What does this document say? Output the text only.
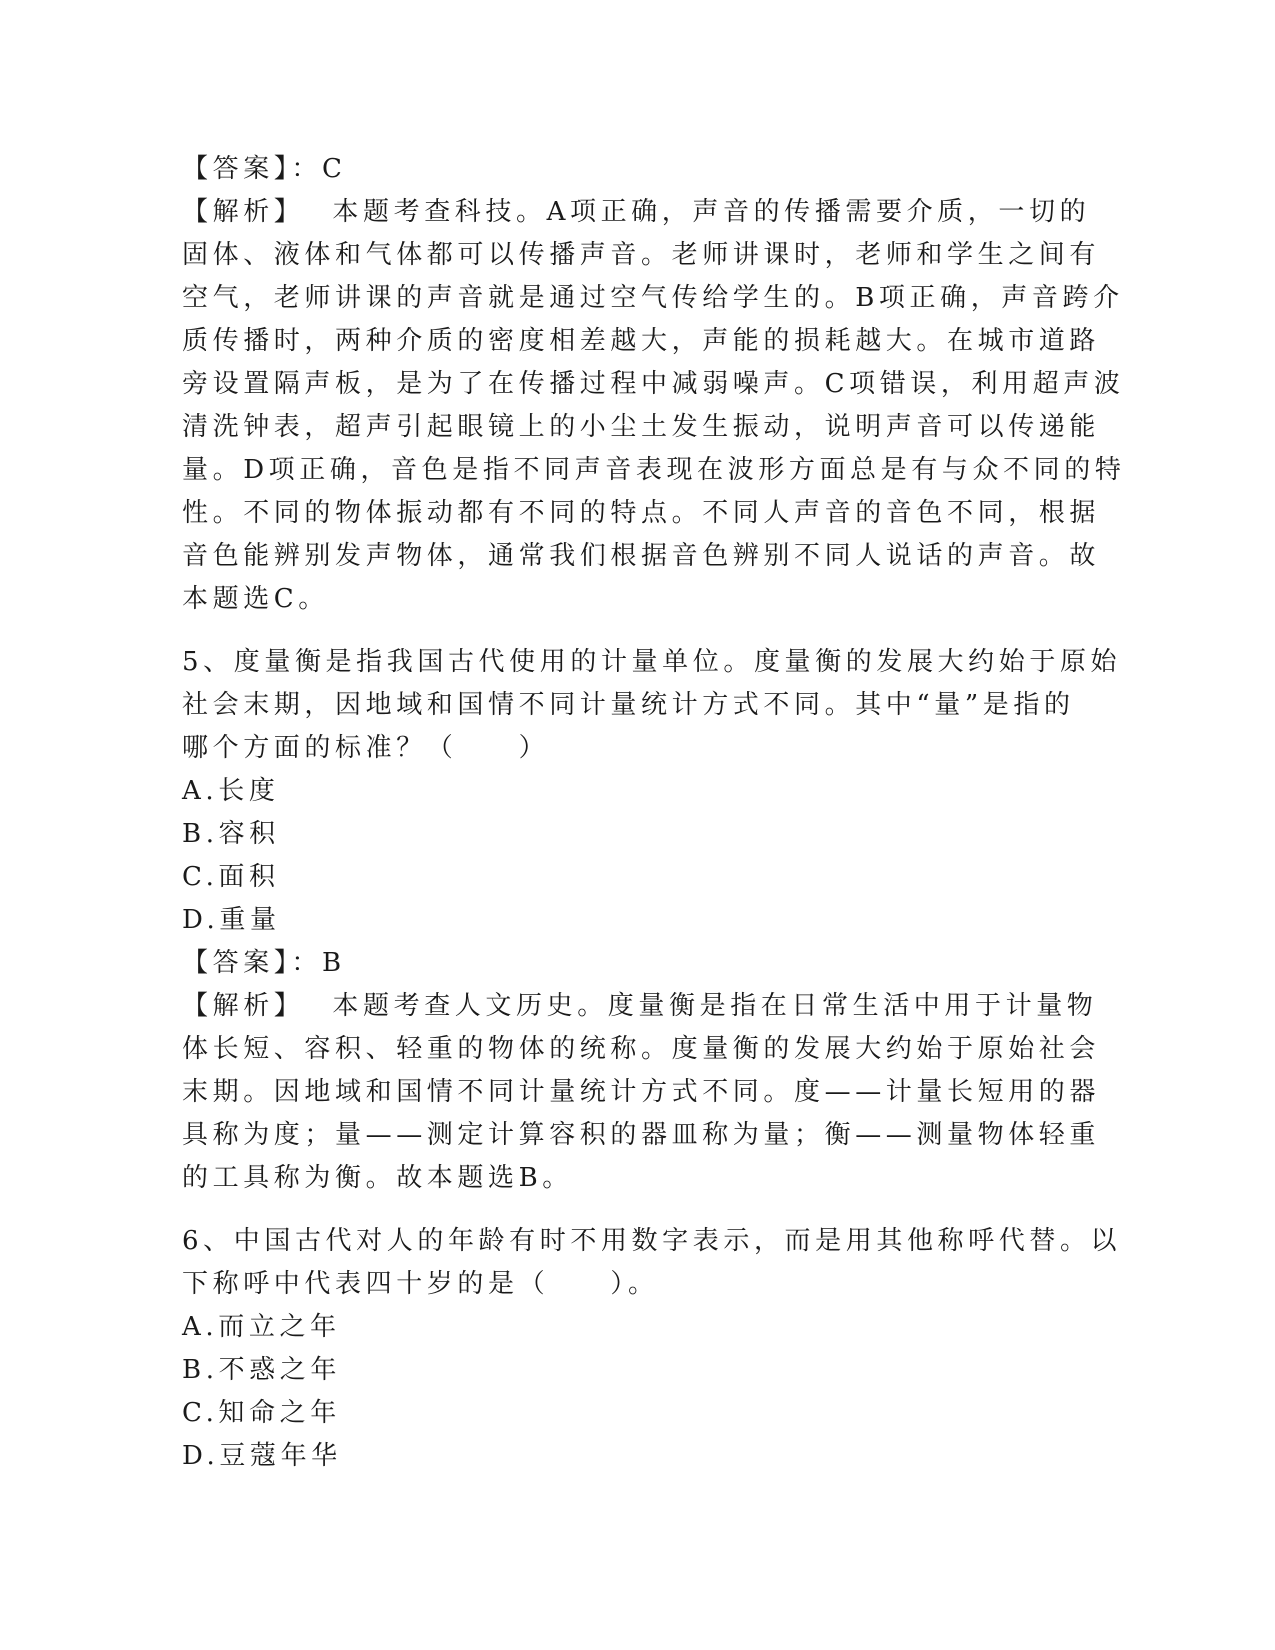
【答案】：C
【解析】 本题考查科技。A项正确，声音的传播需要介质，一切的
固体、液体和气体都可以传播声音。老师讲课时，老师和学生之间有
空气，老师讲课的声音就是通过空气传给学生的。B项正确，声音跨介
质传播时，两种介质的密度相差越大，声能的损耗越大。在城市道路
旁设置隔声板，是为了在传播过程中减弱噪声。C项错误，利用超声波
清洗钟表，超声引起眼镜上的小尘土发生振动，说明声音可以传递能
量。D项正确，音色是指不同声音表现在波形方面总是有与众不同的特
性。不同的物体振动都有不同的特点。不同人声音的音色不同，根据
音色能辨别发声物体，通常我们根据音色辨别不同人说话的声音。故
本题选C。
5、度量衡是指我国古代使用的计量单位。度量衡的发展大约始于原始
社会末期，因地域和国情不同计量统计方式不同。其中“量”是指的
哪个方面的标准？（　　）
A.长度
B.容积
C.面积
D.重量
【答案】：B
【解析】 本题考查人文历史。度量衡是指在日常生活中用于计量物
体长短、容积、轻重的物体的统称。度量衡的发展大约始于原始社会
末期。因地域和国情不同计量统计方式不同。度——计量长短用的器
具称为度；量——测定计算容积的器皿称为量；衡——测量物体轻重
的工具称为衡。故本题选B。
6、中国古代对人的年龄有时不用数字表示，而是用其他称呼代替。以
下称呼中代表四十岁的是（　　）。
A.而立之年
B.不惑之年
C.知命之年
D.豆蔻年华
